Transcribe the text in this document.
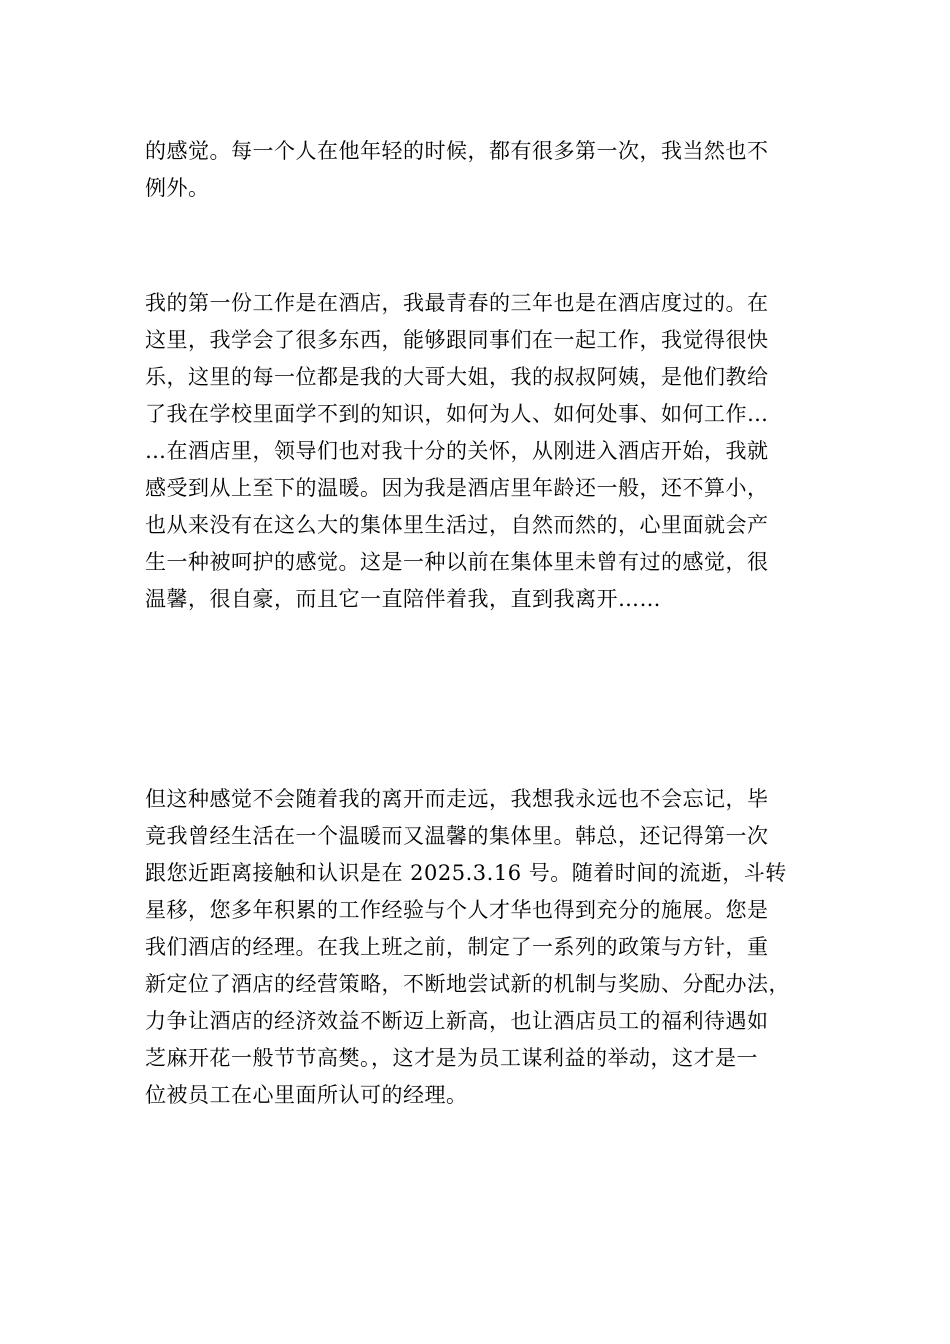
的感觉。每一个人在他年轻的时候，都有很多第一次，我当然也不
例外。
我的第一份工作是在酒店，我最青春的三年也是在酒店度过的。在
这里，我学会了很多东西，能够跟同事们在一起工作，我觉得很快
乐，这里的每一位都是我的大哥大姐，我的叔叔阿姨，是他们教给
了我在学校里面学不到的知识，如何为人、如何处事、如何工作…
…在酒店里，领导们也对我十分的关怀，从刚进入酒店开始，我就
感受到从上至下的温暖。因为我是酒店里年龄还一般，还不算小，
也从来没有在这么大的集体里生活过，自然而然的，心里面就会产
生一种被呵护的感觉。这是一种以前在集体里未曾有过的感觉，很
温馨，很自豪，而且它一直陪伴着我，直到我离开……
但这种感觉不会随着我的离开而走远，我想我永远也不会忘记，毕
竟我曾经生活在一个温暖而又温馨的集体里。韩总，还记得第一次
跟您近距离接触和认识是在 2025.3.16 号。随着时间的流逝，斗转
星移，您多年积累的工作经验与个人才华也得到充分的施展。您是
我们酒店的经理。在我上班之前，制定了一系列的政策与方针，重
新定位了酒店的经营策略，不断地尝试新的机制与奖励、分配办法，
力争让酒店的经济效益不断迈上新高，也让酒店员工的福利待遇如
芝麻开花一般节节高樊。，这才是为员工谋利益的举动，这才是一
位被员工在心里面所认可的经理。
